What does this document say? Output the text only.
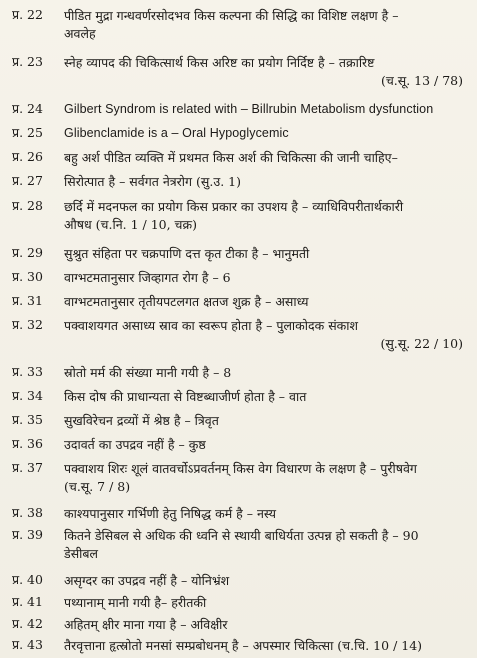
प्र. 22	पीडित मुद्रा गन्धवर्णरसोदभव किस कल्पना की सिद्धि का विशिष्ट लक्षण है –
अवलेह
प्र. 23	स्नेह व्यापद की चिकित्सार्थ किस अरिष्ट का प्रयोग निर्दिष्ट है – तक्रारिष्ट
(च.सू. 13 / 78)
प्र. 24	Gilbert Syndrom is related with – Billrubin Metabolism dysfunction
प्र. 25	Glibenclamide is a – Oral Hypoglycemic
प्र. 26	बहु अर्श पीडित व्यक्ति में प्रथमत किस अर्श की चिकित्सा की जानी चाहिए–
प्र. 27	सिरोत्पात है – सर्वगत नेत्ररोग (सु.उ. 1)
प्र. 28	छर्दि में मदनफल का प्रयोग किस प्रकार का उपशय है – व्याधिविपरीतार्थकारी
औषध (च.नि. 1 / 10, चक्र)
प्र. 29	सुश्रुत संहिता पर चक्रपाणि दत्त कृत टीका है – भानुमती
प्र. 30	वाग्भटमतानुसार जिव्हागत रोग है – 6
प्र. 31	वाग्भटमतानुसार तृतीयपटलगत क्षतज शुक्र है – असाध्य
प्र. 32	पक्वाशयगत असाध्य स्राव का स्वरूप होता है – पुलाकोदक संकाश
(सु.सू. 22 / 10)
प्र. 33	स्रोतो मर्म की संख्या मानी गयी है – 8
प्र. 34	किस दोष की प्राधान्यता से विष्टब्धाजीर्ण होता है – वात
प्र. 35	सुखविरेचन द्रव्यों में श्रेष्ठ है – त्रिवृत
प्र. 36	उदावर्त का उपद्रव नहीं है – कुष्ठ
प्र. 37	पक्वाशय शिरः शूलं वातवर्चोऽप्रवर्तनम् किस वेग विधारण के लक्षण है – पुरीषवेग
(च.सू. 7 / 8)
प्र. 38	काश्यपानुसार गर्भिणी हेतु निषिद्ध कर्म है – नस्य
प्र. 39	कितने डेसिबल से अधिक की ध्वनि से स्थायी बाधिर्यता उत्पन्न हो सकती है – 90
डेसीबल
प्र. 40	असृग्दर का उपद्रव नहीं है – योनिभ्रंश
प्र. 41	पथ्यानाम् मानी गयी है– हरीतकी
प्र. 42	अहितम् क्षीर माना गया है – अविक्षीर
प्र. 43	तैरवृत्ताना हृत्स्रोतो मनसां सम्प्रबोधनम् है – अपस्मार चिकित्सा (च.चि. 10 / 14)
